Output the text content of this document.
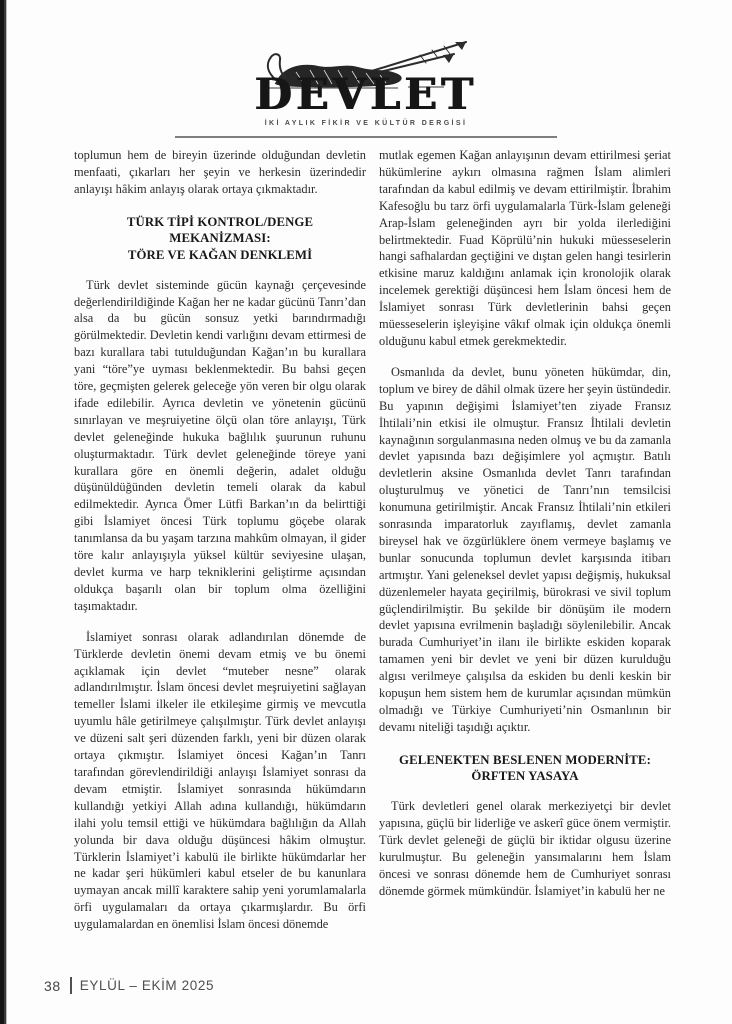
DEVLET
İKİ AYLIK FİKİR VE KÜLTÜR DERGİSİ

toplumun hem de bireyin üzerinde olduğundan devletin menfaati, çıkarları her şeyin ve herkesin üzerindedir anlayışı hâkim anlayış olarak ortaya çıkmaktadır.

TÜRK TİPİ KONTROL/DENGE MEKANİZMASI:
TÖRE VE KAĞAN DENKLEMİ

Türk devlet sisteminde gücün kaynağı çerçevesinde değerlendirildiğinde Kağan her ne kadar gücünü Tanrı’dan alsa da bu gücün sonsuz yetki barındırmadığı görülmektedir. Devletin kendi varlığını devam ettirmesi de bazı kurallara tabi tutulduğundan Kağan’ın bu kurallara yani “töre”ye uyması beklenmektedir. Bu bahsi geçen töre, geçmişten gelerek geleceğe yön veren bir olgu olarak ifade edilebilir. Ayrıca devletin ve yönetenin gücünü sınırlayan ve meşruiyetine ölçü olan töre anlayışı, Türk devlet geleneğinde hukuka bağlılık şuurunun ruhunu oluşturmaktadır. Türk devlet geleneğinde töreye yani kurallara göre en önemli değerin, adalet olduğu düşünüldüğünden devletin temeli olarak da kabul edilmektedir. Ayrıca Ömer Lütfi Barkan’ın da belirttiği gibi İslamiyet öncesi Türk toplumu göçebe olarak tanımlansa da bu yaşam tarzına mahkûm olmayan, il gider töre kalır anlayışıyla yüksel kültür seviyesine ulaşan, devlet kurma ve harp tekniklerini geliştirme açısından oldukça başarılı olan bir toplum olma özelliğini taşımaktadır.

İslamiyet sonrası olarak adlandırılan dönemde de Türklerde devletin önemi devam etmiş ve bu önemi açıklamak için devlet “muteber nesne” olarak adlandırılmıştır. İslam öncesi devlet meşruiyetini sağlayan temeller İslami ilkeler ile etkileşime girmiş ve mevcutla uyumlu hâle getirilmeye çalışılmıştır. Türk devlet anlayışı ve düzeni salt şeri düzenden farklı, yeni bir düzen olarak ortaya çıkmıştır. İslamiyet öncesi Kağan’ın Tanrı tarafından görevlendirildiği anlayışı İslamiyet sonrası da devam etmiştir. İslamiyet sonrasında hükümdarın kullandığı yetkiyi Allah adına kullandığı, hükümdarın ilahi yolu temsil ettiği ve hükümdara bağlılığın da Allah yolunda bir dava olduğu düşüncesi hâkim olmuştur. Türklerin İslamiyet’i kabulü ile birlikte hükümdarlar her ne kadar şeri hükümleri kabul etseler de bu kanunlara uymayan ancak millî karaktere sahip yeni yorumlamalarla örfi uygulamaları da ortaya çıkarmışlardır. Bu örfi uygulamalardan en önemlisi İslam öncesi dönemde

mutlak egemen Kağan anlayışının devam ettirilmesi şeriat hükümlerine aykırı olmasına rağmen İslam alimleri tarafından da kabul edilmiş ve devam ettirilmiştir. İbrahim Kafesoğlu bu tarz örfi uygulamalarla Türk-İslam geleneği Arap-İslam geleneğinden ayrı bir yolda ilerlediğini belirtmektedir. Fuad Köprülü’nin hukuki müesseselerin hangi safhalardan geçtiğini ve dıştan gelen hangi tesirlerin etkisine maruz kaldığını anlamak için kronolojik olarak incelemek gerektiği düşüncesi hem İslam öncesi hem de İslamiyet sonrası Türk devletlerinin bahsi geçen müesseselerin işleyişine vâkıf olmak için oldukça önemli olduğunu kabul etmek gerekmektedir.

Osmanlıda da devlet, bunu yöneten hükümdar, din, toplum ve birey de dâhil olmak üzere her şeyin üstündedir. Bu yapının değişimi İslamiyet’ten ziyade Fransız İhtilali’nin etkisi ile olmuştur. Fransız İhtilali devletin kaynağının sorgulanmasına neden olmuş ve bu da zamanla devlet yapısında bazı değişimlere yol açmıştır. Batılı devletlerin aksine Osmanlıda devlet Tanrı tarafından oluşturulmuş ve yönetici de Tanrı’nın temsilcisi konumuna getirilmiştir. Ancak Fransız İhtilali’nin etkileri sonrasında imparatorluk zayıflamış, devlet zamanla bireysel hak ve özgürlüklere önem vermeye başlamış ve bunlar sonucunda toplumun devlet karşısında itibarı artmıştır. Yani geleneksel devlet yapısı değişmiş, hukuksal düzenlemeler hayata geçirilmiş, bürokrasi ve sivil toplum güçlendirilmiştir. Bu şekilde bir dönüşüm ile modern devlet yapısına evrilmenin başladığı söylenilebilir. Ancak burada Cumhuriyet’in ilanı ile birlikte eskiden koparak tamamen yeni bir devlet ve yeni bir düzen kurulduğu algısı verilmeye çalışılsa da eskiden bu denli keskin bir kopuşun hem sistem hem de kurumlar açısından mümkün olmadığı ve Türkiye Cumhuriyeti’nin Osmanlının bir devamı niteliği taşıdığı açıktır.

GELENEKTEN BESLENEN MODERNİTE:
ÖRFTEN YASAYA

Türk devletleri genel olarak merkeziyetçi bir devlet yapısına, güçlü bir liderliğe ve askerî güce önem vermiştir. Türk devlet geleneği de güçlü bir iktidar olgusu üzerine kurulmuştur. Bu geleneğin yansımalarını hem İslam öncesi ve sonrası dönemde hem de Cumhuriyet sonrası dönemde görmek mümkündür. İslamiyet’in kabulü her ne

38 EYLÜL – EKİM 2025
